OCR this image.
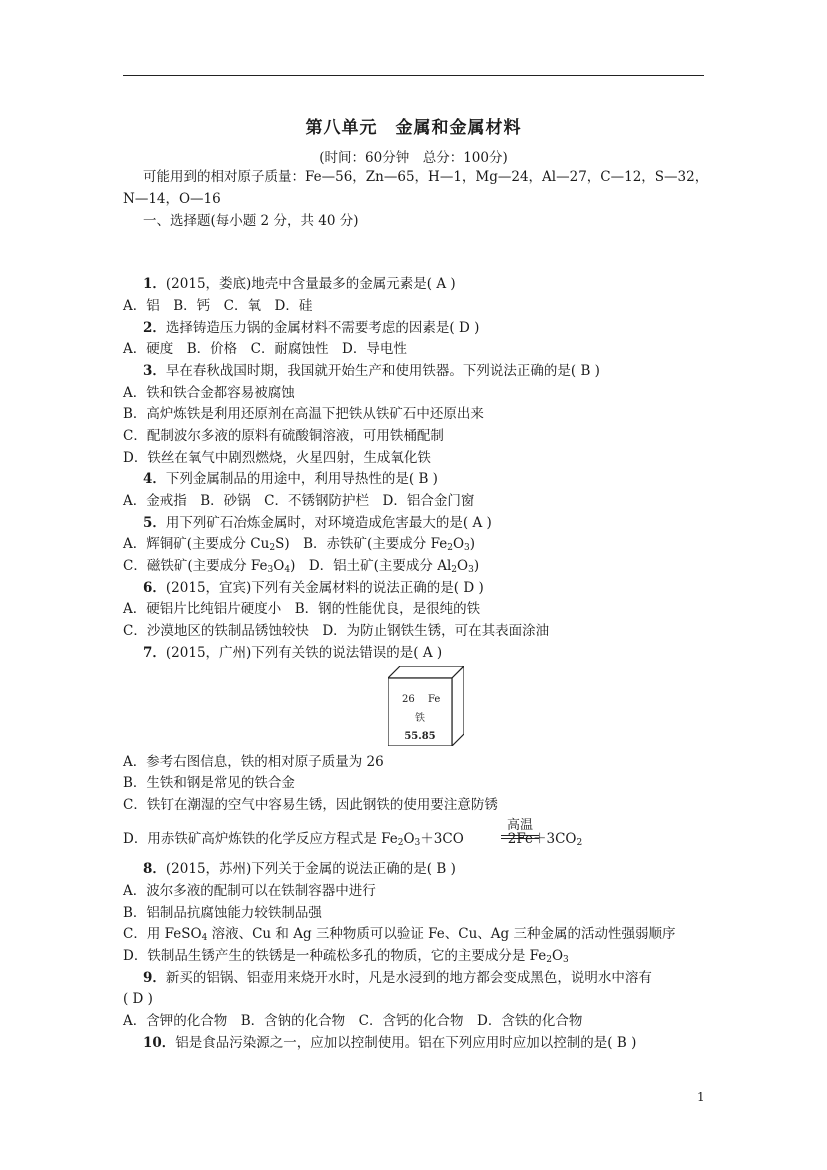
第八单元　金属和金属材料
(时间：60分钟　总分：100分)
可能用到的相对原子质量：Fe—56，Zn—65，H—1，Mg—24，Al—27，C—12，S—32，
N—14，O—16
一、选择题(每小题 2 分，共 40 分)
1．(2015，娄底)地壳中含量最多的金属元素是( A )
A．铝　B．钙　C．氧　D．硅
2．选择铸造压力锅的金属材料不需要考虑的因素是( D )
A．硬度　B．价格　C．耐腐蚀性　D．导电性
3．早在春秋战国时期，我国就开始生产和使用铁器。下列说法正确的是( B )
A．铁和铁合金都容易被腐蚀
B．高炉炼铁是利用还原剂在高温下把铁从铁矿石中还原出来
C．配制波尔多液的原料有硫酸铜溶液，可用铁桶配制
D．铁丝在氧气中剧烈燃烧，火星四射，生成氧化铁
4．下列金属制品的用途中，利用导热性的是( B )
A．金戒指　B．砂锅　C．不锈钢防护栏　D．铝合金门窗
5．用下列矿石冶炼金属时，对环境造成危害最大的是( A )
A．辉铜矿(主要成分 $Cu_2S$)　B．赤铁矿(主要成分 $Fe_2O_3$)
C．磁铁矿(主要成分 $Fe_3O_4$)　D．铝土矿(主要成分 $Al_2O_3$)
6．(2015，宜宾)下列有关金属材料的说法正确的是( D )
A．硬铝片比纯铝片硬度小　B．钢的性能优良，是很纯的铁
C．沙漠地区的铁制品锈蚀较快　D．为防止钢铁生锈，可在其表面涂油
7．(2015，广州)下列有关铁的说法错误的是( A )
26 Fe
铁
55.85
A．参考右图信息，铁的相对原子质量为 26
B．生铁和钢是常见的铁合金
C．铁钉在潮湿的空气中容易生锈，因此钢铁的使用要注意防锈
D．用赤铁矿高炉炼铁的化学反应方程式是 $Fe_2O_3+3CO$	$2Fe+3CO_2$
高温
8．(2015，苏州)下列关于金属的说法正确的是( B )
A．波尔多液的配制可以在铁制容器中进行
B．铝制品抗腐蚀能力较铁制品强
C．用 FeSO$_4$ 溶液、Cu 和 Ag 三种物质可以验证 Fe、Cu、Ag 三种金属的活动性强弱顺序
D．铁制品生锈产生的铁锈是一种疏松多孔的物质，它的主要成分是 $Fe_2O_3$
9．新买的铝锅、铝壶用来烧开水时，凡是水浸到的地方都会变成黑色，说明水中溶有
( D )
A．含钾的化合物　B．含钠的化合物　C．含钙的化合物　D．含铁的化合物
10．铝是食品污染源之一，应加以控制使用。铝在下列应用时应加以控制的是( B )
1
